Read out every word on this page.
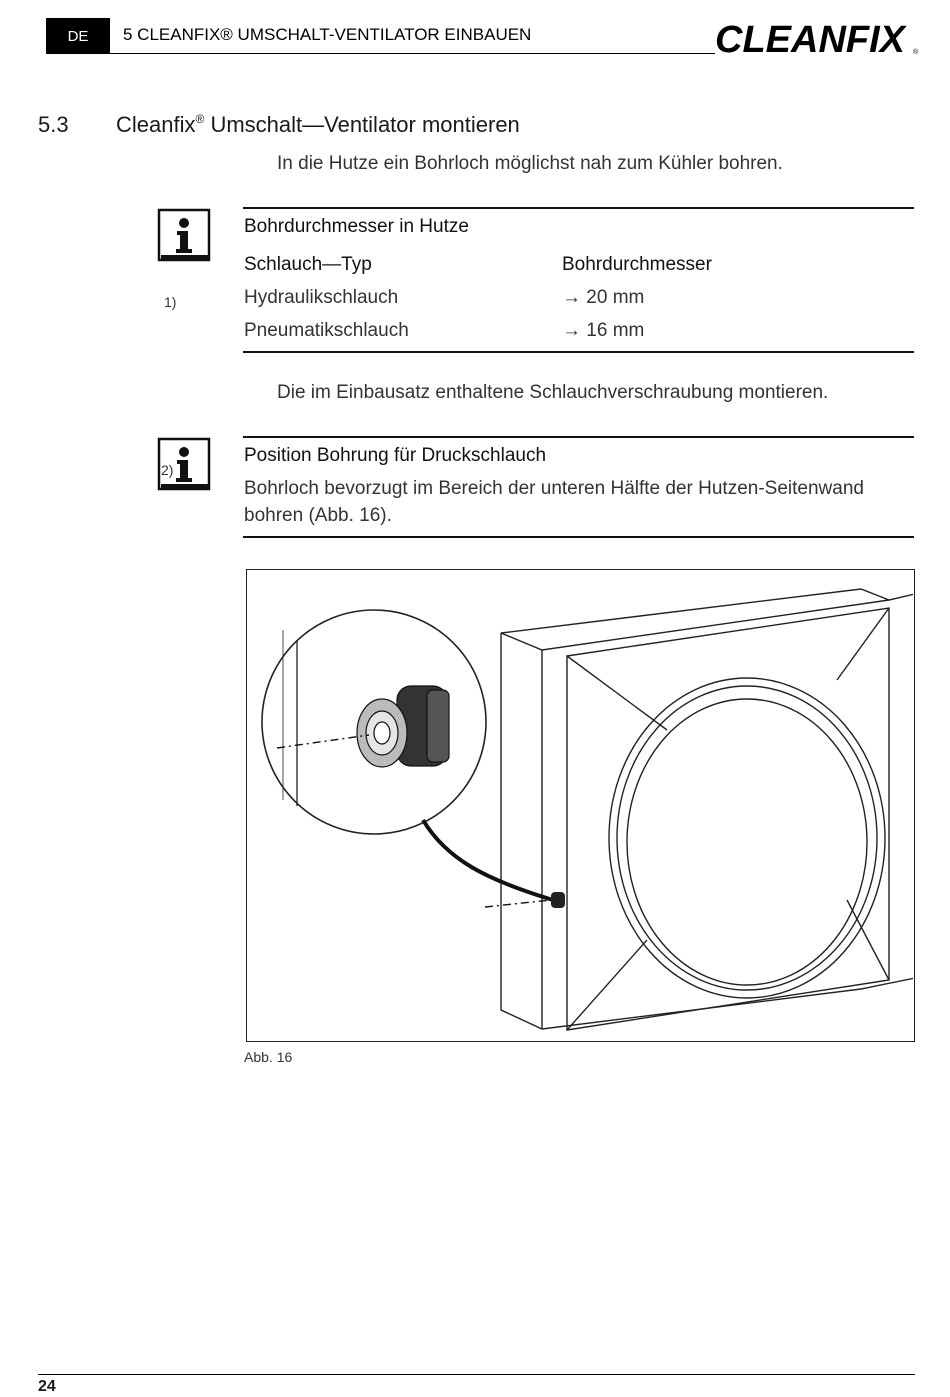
DE	5 CLEANFIX® UMSCHALT-VENTILATOR EINBAUEN	CLEANFIX	®
5.3 Cleanfix® Umschalt—Ventilator montieren
In die Hutze ein Bohrloch möglichst nah zum Kühler bohren.
Bohrdurchmesser in Hutze
1)
Schlauch—Typ	Bohrdurchmesser
Hydraulikschlauch	→ 20 mm
Pneumatikschlauch	→ 16 mm
Die im Einbausatz enthaltene Schlauchverschraubung montieren.
2)
Position Bohrung für Druckschlauch
Bohrloch bevorzugt im Bereich der unteren Hälfte der Hutzen-Seitenwand
bohren (Abb. 16).
Abb. 16
24
